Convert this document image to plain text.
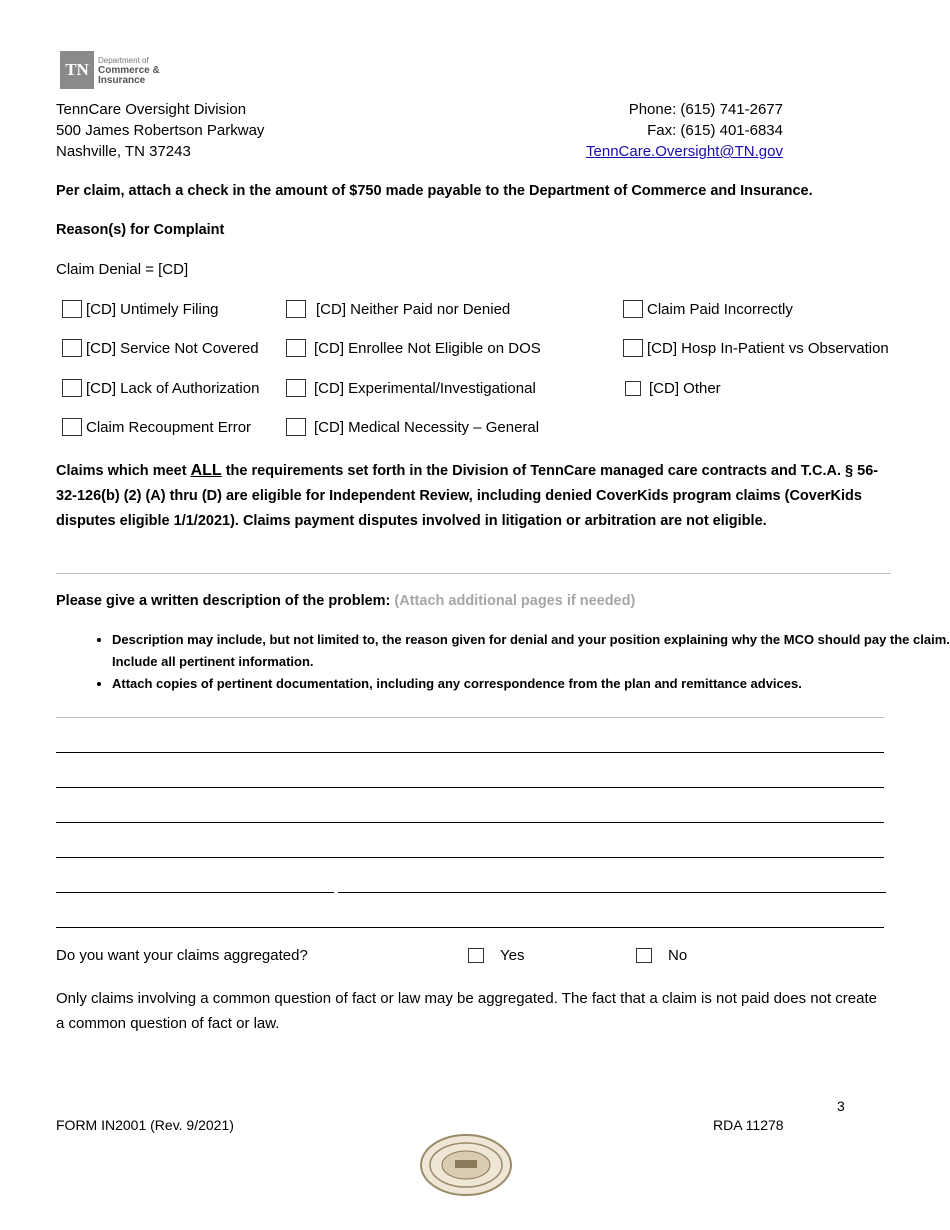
TN	Department of
Commerce &
Insurance
TennCare Oversight Division
500 James Robertson Parkway
Nashville, TN 37243
Phone: (615) 741-2677
Fax: (615) 401-6834
TennCare.Oversight@TN.gov
Per claim, attach a check in the amount of $750 made payable to the Department of Commerce and Insurance.
Reason(s) for Complaint
Claim Denial = [CD]
[CD] Untimely Filing	[CD] Neither Paid nor Denied	Claim Paid Incorrectly
[CD] Service Not Covered	[CD] Enrollee Not Eligible on DOS	[CD] Hosp In-Patient vs Observation
[CD] Lack of Authorization	[CD] Experimental/Investigational	[CD] Other
Claim Recoupment Error	[CD] Medical Necessity – General
Claims which meet ALL the requirements set forth in the Division of TennCare managed care contracts and T.C.A. § 56-32-126(b) (2) (A) thru (D) are eligible for Independent Review, including denied CoverKids program claims (CoverKids disputes eligible 1/1/2021). Claims payment disputes involved in litigation or arbitration are not eligible.
Please give a written description of the problem: (Attach additional pages if needed)
• Description may include, but not limited to, the reason given for denial and your position explaining why the MCO should pay the claim. Include all pertinent information.
• Attach copies of pertinent documentation, including any correspondence from the plan and remittance advices.
Do you want your claims aggregated?	Yes	No
Only claims involving a common question of fact or law may be aggregated. The fact that a claim is not paid does not create a common question of fact or law.
3
FORM IN2001 (Rev. 9/2021)	RDA 11278
